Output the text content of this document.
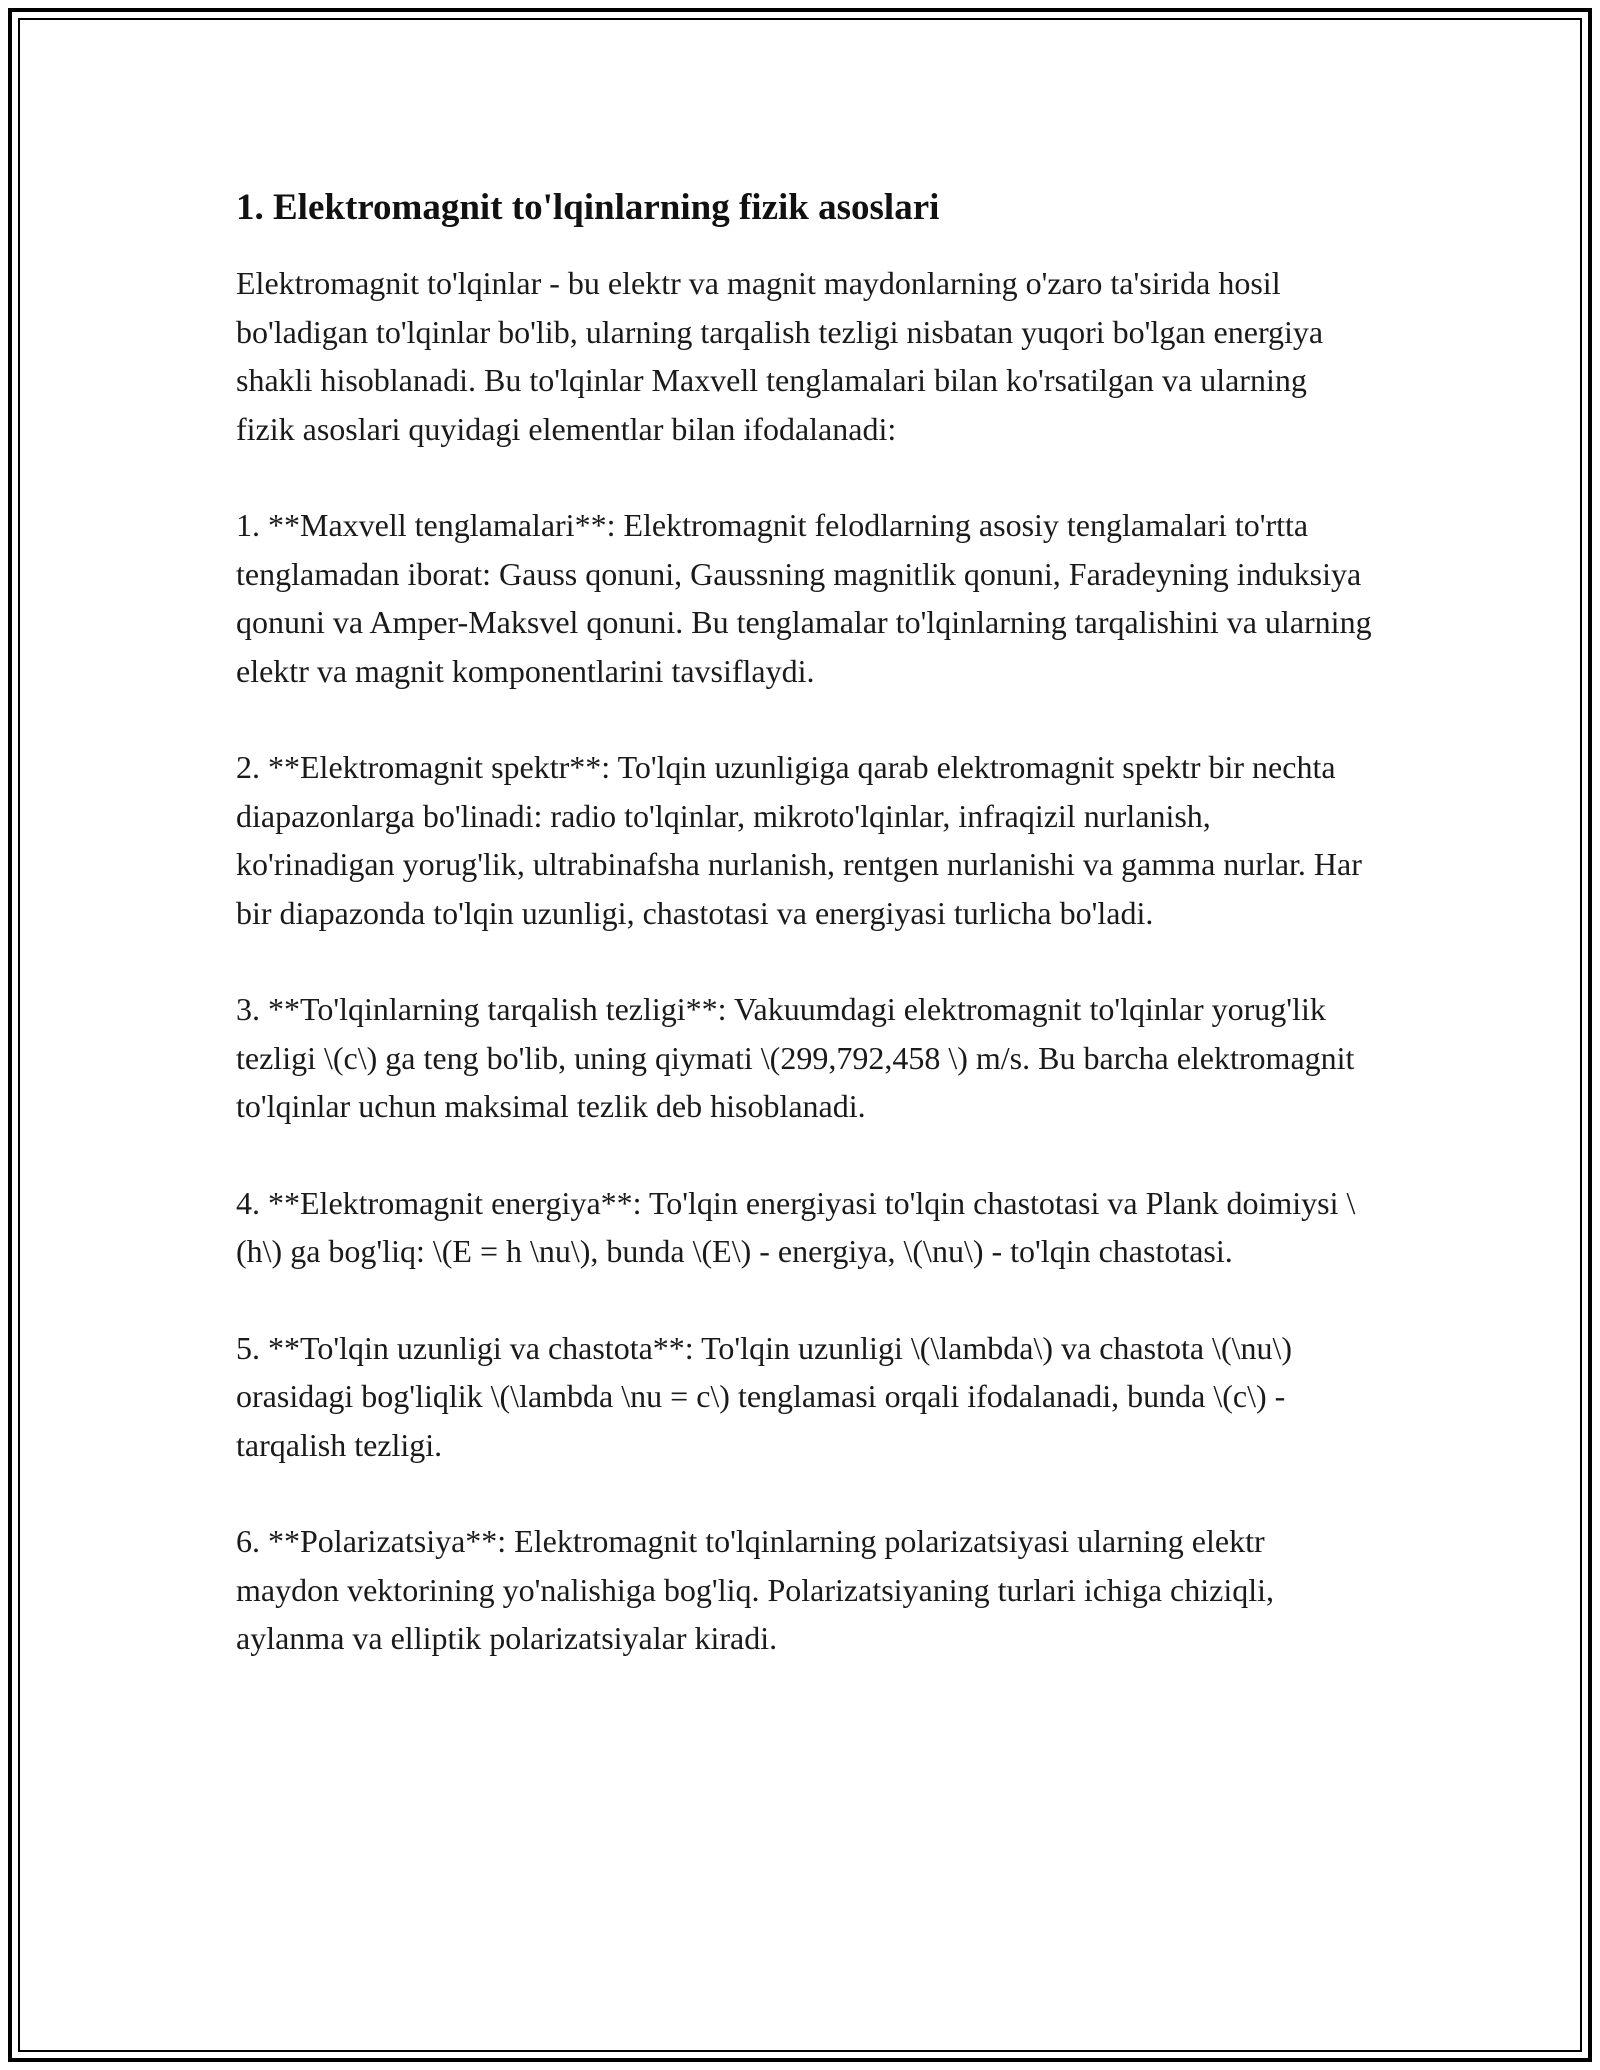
1. Elektromagnit to'lqinlarning fizik asoslari

Elektromagnit to'lqinlar - bu elektr va magnit maydonlarning o'zaro ta'sirida hosil bo'ladigan to'lqinlar bo'lib, ularning tarqalish tezligi nisbatan yuqori bo'lgan energiya shakli hisoblanadi. Bu to'lqinlar Maxvell tenglamalari bilan ko'rsatilgan va ularning fizik asoslari quyidagi elementlar bilan ifodalanadi:

1. **Maxvell tenglamalari**: Elektromagnit felodlarning asosiy tenglamalari to'rtta tenglamadan iborat: Gauss qonuni, Gaussning magnitlik qonuni, Faradeyning induksiya qonuni va Amper-Maksvel qonuni. Bu tenglamalar to'lqinlarning tarqalishini va ularning elektr va magnit komponentlarini tavsiflaydi.

2. **Elektromagnit spektr**: To'lqin uzunligiga qarab elektromagnit spektr bir nechta diapazonlarga bo'linadi: radio to'lqinlar, mikroto'lqinlar, infraqizil nurlanish, ko'rinadigan yorug'lik, ultrabinafsha nurlanish, rentgen nurlanishi va gamma nurlar. Har bir diapazonda to'lqin uzunligi, chastotasi va energiyasi turlicha bo'ladi.

3. **To'lqinlarning tarqalish tezligi**: Vakuumdagi elektromagnit to'lqinlar yorug'lik tezligi \(c\) ga teng bo'lib, uning qiymati \(299,792,458 \) m/s. Bu barcha elektromagnit to'lqinlar uchun maksimal tezlik deb hisoblanadi.

4. **Elektromagnit energiya**: To'lqin energiyasi to'lqin chastotasi va Plank doimiysi \(h\) ga bog'liq: \(E = h \nu\), bunda \(E\) - energiya, \(\nu\) - to'lqin chastotasi.

5. **To'lqin uzunligi va chastota**: To'lqin uzunligi \(\lambda\) va chastota \(\nu\) orasidagi bog'liqlik \(\lambda \nu = c\) tenglamasi orqali ifodalanadi, bunda \(c\) - tarqalish tezligi.

6. **Polarizatsiya**: Elektromagnit to'lqinlarning polarizatsiyasi ularning elektr maydon vektorining yo'nalishiga bog'liq. Polarizatsiyaning turlari ichiga chiziqli, aylanma va elliptik polarizatsiyalar kiradi.
